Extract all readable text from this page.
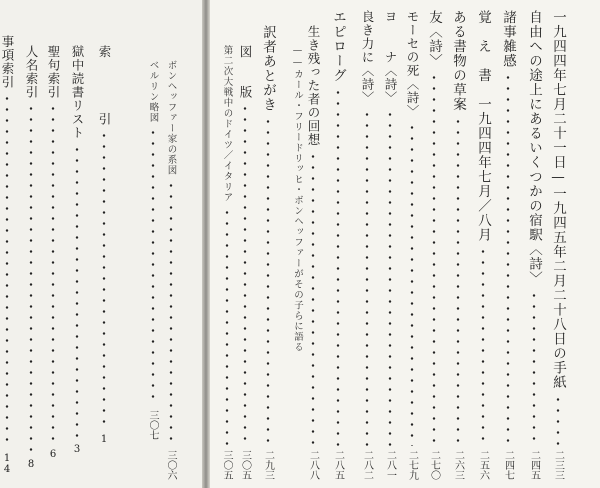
ボンヘッファー家の系図
三〇六
ベルリン略図
三〇七
索　　　　引
1
獄中読書リスト
3
聖句索引
6
人名索引
8
事項索引
14
一九四四年七月二十一日—一九四五年二月二十八日の手紙
二三三
自由への途上にあるいくつかの宿駅〈詩〉
二四五
諸事雑感
二四七
覚　え　書　一九四四年七月／八月
二五六
ある書物の草案
二六三
友〈詩〉
二七〇
モーセの死〈詩〉
二七九
ヨ　　ナ〈詩〉
二八一
良き力に〈詩〉
二八二
エピローグ
二八五
生き残った者の回想
二八八
——カール・フリードリッヒ・ボンヘッファーがその子らに語る
訳者あとがき
二九三
図　　版
三〇五
第二次大戦中のドイツ／イタリア
三〇五
